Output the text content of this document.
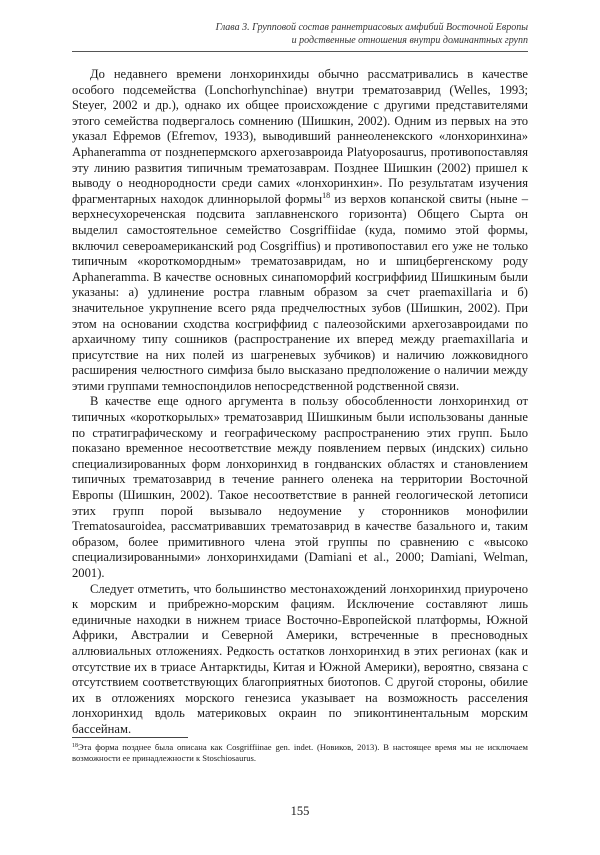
Глава 3. Групповой состав раннетриасовых амфибий Восточной Европы
и родственные отношения внутри доминантных групп

До недавнего времени лонхоринхиды обычно рассматривались в качестве особого подсемейства (Lonchorhynchinae) внутри трематозаврид (Welles, 1993; Steyer, 2002 и др.), однако их общее происхождение с другими представителями этого семейства подвергалось сомнению (Шишкин, 2002). Одним из первых на это указал Ефремов (Efremov, 1933), выводивший раннеоленекского «лонхоринхина» Aphaneramma от позднепермского архегозавроида Platyoposaurus, противопоставляя эту линию развития типичным трематозаврам. Позднее Шишкин (2002) пришел к выводу о неоднородности среди самих «лонхоринхин». По результатам изучения фрагментарных находок длиннорылой формы$^{18}$ из верхов копанской свиты (ныне – верхнесухореченская подсвита заплавненского горизонта) Общего Сырта он выделил самостоятельное семейство Cosgriffiidae (куда, помимо этой формы, включил североамериканский род Cosgriffius) и противопоставил его уже не только типичным «короткомордным» трематозавридам, но и шпицбергенскому роду Aphaneramma. В качестве основных синапоморфий косгриффиид Шишкиным были указаны: а) удлинение ростра главным образом за счет praemaxillaria и б) значительное укрупнение всего ряда предчелюстных зубов (Шишкин, 2002). При этом на основании сходства косгриффиид с палеозойскими архегозавроидами по архаичному типу сошников (распространение их вперед между praemaxillaria и присутствие на них полей из шагреневых зубчиков) и наличию ложковидного расширения челюстного симфиза было высказано предположение о наличии между этими группами темноспондилов непосредственной родственной связи.

В качестве еще одного аргумента в пользу обособленности лонхоринхид от типичных «короткорылых» трематозаврид Шишкиным были использованы данные по стратиграфическому и географическому распространению этих групп. Было показано временное несоответствие между появлением первых (индских) сильно специализированных форм лонхоринхид в гондванских областях и становлением типичных трематозаврид в течение раннего оленека на территории Восточной Европы (Шишкин, 2002). Такое несоответствие в ранней геологической летописи этих групп порой вызывало недоумение у сторонников монофилии Trematosauroidea, рассматривавших трематозаврид в качестве базального и, таким образом, более примитивного члена этой группы по сравнению с «высоко специализированными» лонхоринхидами (Damiani et al., 2000; Damiani, Welman, 2001).

Следует отметить, что большинство местонахождений лонхоринхид приурочено к морским и прибрежно-морским фациям. Исключение составляют лишь единичные находки в нижнем триасе Восточно-Европейской платформы, Южной Африки, Австралии и Северной Америки, встреченные в пресноводных аллювиальных отложениях. Редкость остатков лонхоринхид в этих регионах (как и отсутствие их в триасе Антарктиды, Китая и Южной Америки), вероятно, связана с отсутствием соответствующих благоприятных биотопов. С другой стороны, обилие их в отложениях морского генезиса указывает на возможность расселения лонхоринхид вдоль материковых окраин по эпиконтинентальным морским бассейнам.

$^{18}$Эта форма позднее была описана как Cosgriffiinae gen. indet. (Новиков, 2013). В настоящее время мы не исключаем возможности ее принадлежности к Stoschiosaurus.
155
